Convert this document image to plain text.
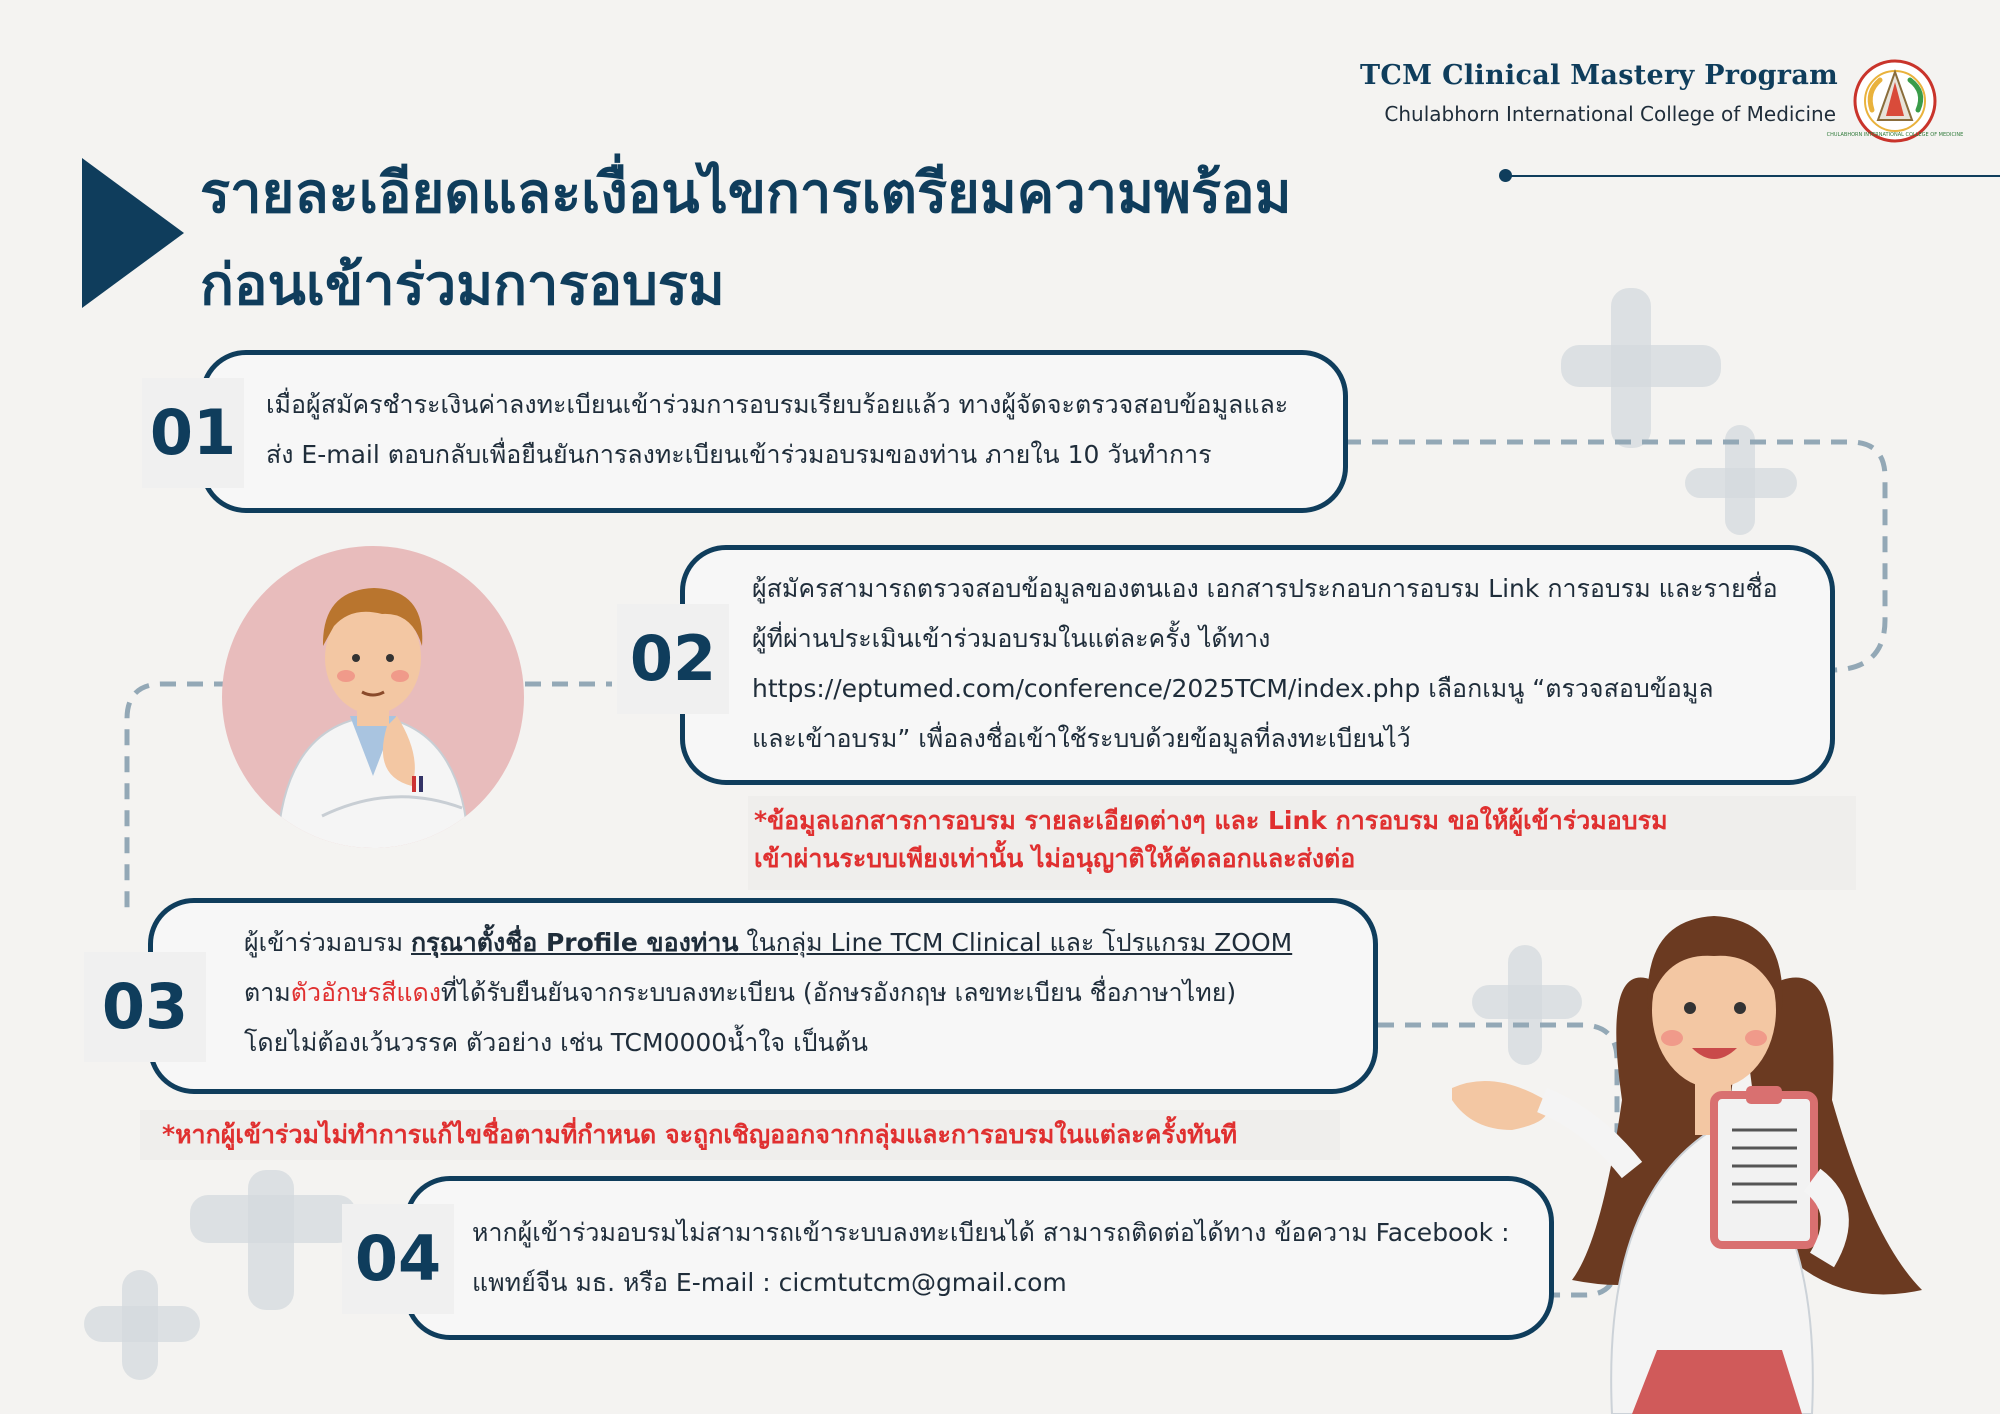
TCM Clinical Mastery Program
Chulabhorn International College of Medicine
CHULABHORN INTERNATIONAL COLLEGE OF MEDICINE
รายละเอียดและเงื่อนไขการเตรียมความพร้อม
ก่อนเข้าร่วมการอบรม
01	เมื่อผู้สมัครชำระเงินค่าลงทะเบียนเข้าร่วมการอบรมเรียบร้อยแล้ว ทางผู้จัดจะตรวจสอบข้อมูลและ
ส่ง E-mail ตอบกลับเพื่อยืนยันการลงทะเบียนเข้าร่วมอบรมของท่าน ภายใน 10 วันทำการ
02
ผู้สมัครสามารถตรวจสอบข้อมูลของตนเอง เอกสารประกอบการอบรม Link การอบรม และรายชื่อ
ผู้ที่ผ่านประเมินเข้าร่วมอบรมในแต่ละครั้ง ได้ทาง
https://eptumed.com/conference/2025TCM/index.php เลือกเมนู “ตรวจสอบข้อมูล
และเข้าอบรม” เพื่อลงชื่อเข้าใช้ระบบด้วยข้อมูลที่ลงทะเบียนไว้
*ข้อมูลเอกสารการอบรม รายละเอียดต่างๆ และ Link การอบรม ขอให้ผู้เข้าร่วมอบรม
เข้าผ่านระบบเพียงเท่านั้น ไม่อนุญาติให้คัดลอกและส่งต่อ
03
ผู้เข้าร่วมอบรม กรุณาตั้งชื่อ Profile ของท่าน ในกลุ่ม Line TCM Clinical และ โปรแกรม ZOOM
ตามตัวอักษรสีแดงที่ได้รับยืนยันจากระบบลงทะเบียน (อักษรอังกฤษ เลขทะเบียน ชื่อภาษาไทย)
โดยไม่ต้องเว้นวรรค ตัวอย่าง เช่น TCM0000น้ำใจ เป็นต้น
*หากผู้เข้าร่วมไม่ทำการแก้ไขชื่อตามที่กำหนด จะถูกเชิญออกจากกลุ่มและการอบรมในแต่ละครั้งทันที
04	หากผู้เข้าร่วมอบรมไม่สามารถเข้าระบบลงทะเบียนได้ สามารถติดต่อได้ทาง ข้อความ Facebook :
แพทย์จีน มธ. หรือ E-mail : cicmtutcm@gmail.com
